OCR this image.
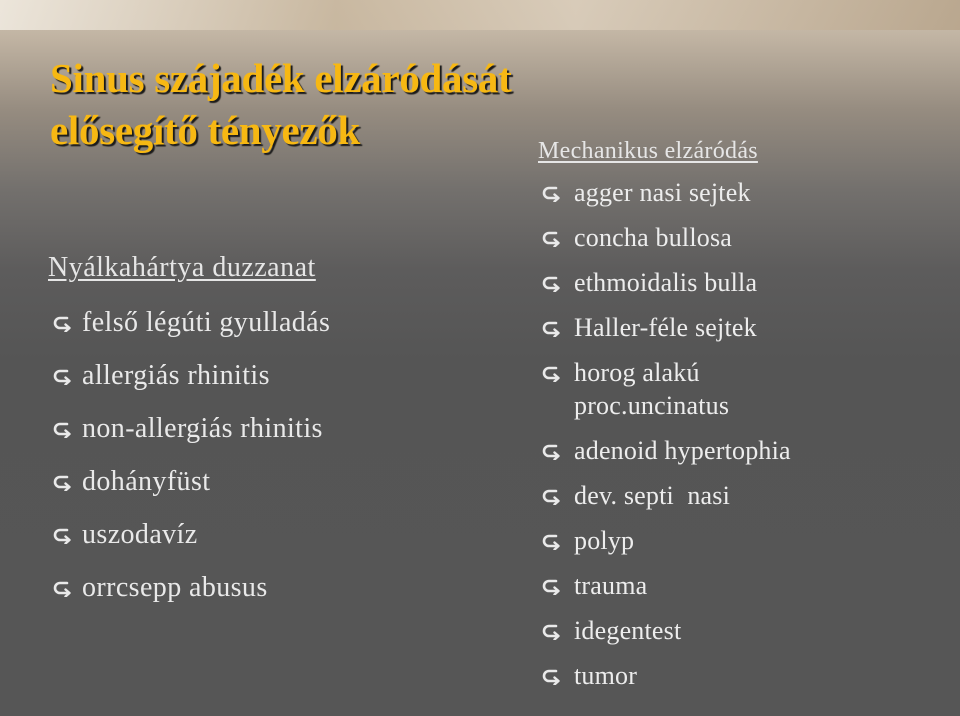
Sinus szájadék elzáródását
elősegítő tényezők
Nyálkahártya duzzanat
felső légúti gyulladás
allergiás rhinitis
non-allergiás rhinitis
dohányfüst
uszodavíz
orrcsepp abusus
Mechanikus elzáródás
agger nasi sejtek
concha bullosa
ethmoidalis bulla
Haller-féle sejtek
horog alakú
proc.uncinatus
adenoid hypertophia
dev. septi  nasi
polyp
trauma
idegentest
tumor
